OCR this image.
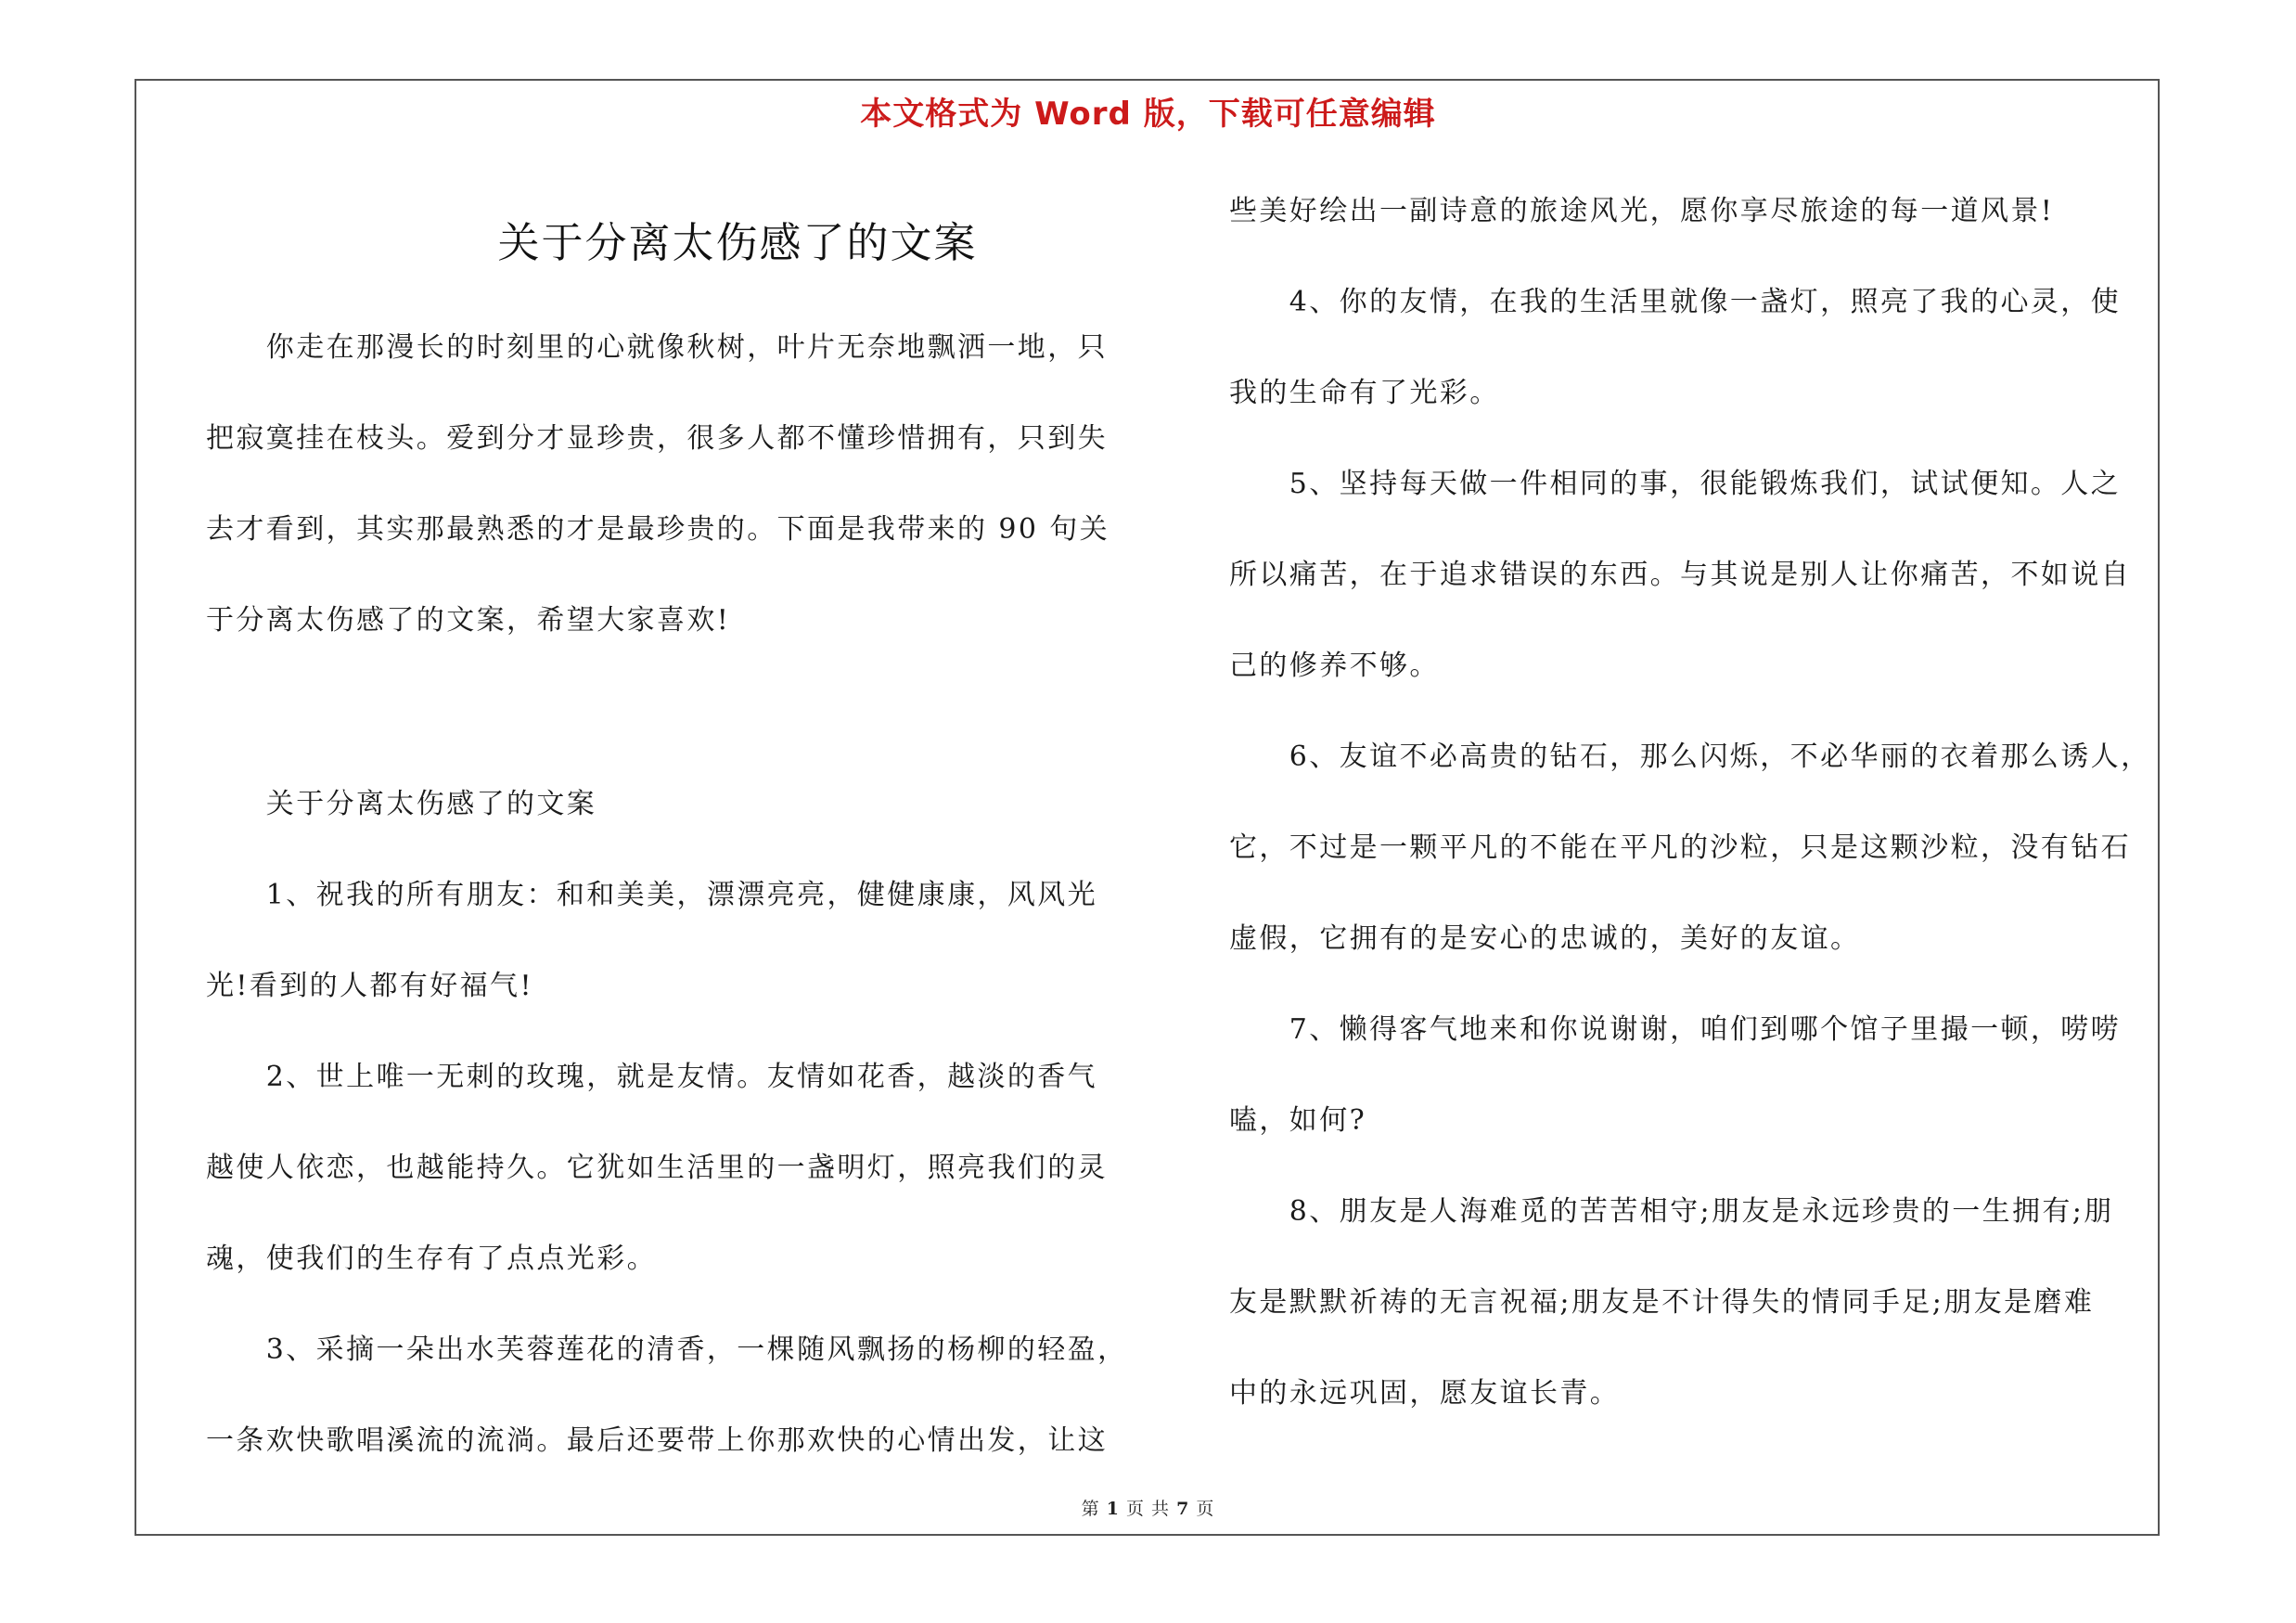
本文格式为 Word 版，下载可任意编辑
关于分离太伤感了的文案
　　你走在那漫长的时刻里的心就像秋树，叶片无奈地飘洒一地，只
把寂寞挂在枝头。爱到分才显珍贵，很多人都不懂珍惜拥有，只到失
去才看到，其实那最熟悉的才是最珍贵的。下面是我带来的 90 句关
于分离太伤感了的文案，希望大家喜欢!
　　关于分离太伤感了的文案
　　1、祝我的所有朋友：和和美美，漂漂亮亮，健健康康，风风光
光!看到的人都有好福气!
　　2、世上唯一无刺的玫瑰，就是友情。友情如花香，越淡的香气
越使人依恋，也越能持久。它犹如生活里的一盏明灯，照亮我们的灵
魂，使我们的生存有了点点光彩。
　　3、采摘一朵出水芙蓉莲花的清香，一棵随风飘扬的杨柳的轻盈，
一条欢快歌唱溪流的流淌。最后还要带上你那欢快的心情出发，让这
些美好绘出一副诗意的旅途风光，愿你享尽旅途的每一道风景!
　　4、你的友情，在我的生活里就像一盏灯，照亮了我的心灵，使
我的生命有了光彩。
　　5、坚持每天做一件相同的事，很能锻炼我们，试试便知。人之
所以痛苦，在于追求错误的东西。与其说是别人让你痛苦，不如说自
己的修养不够。
　　6、友谊不必高贵的钻石，那么闪烁，不必华丽的衣着那么诱人，
它，不过是一颗平凡的不能在平凡的沙粒，只是这颗沙粒，没有钻石
虚假，它拥有的是安心的忠诚的，美好的友谊。
　　7、懒得客气地来和你说谢谢，咱们到哪个馆子里撮一顿，唠唠
嗑，如何?
　　8、朋友是人海难觅的苦苦相守;朋友是永远珍贵的一生拥有;朋
友是默默祈祷的无言祝福;朋友是不计得失的情同手足;朋友是磨难
中的永远巩固，愿友谊长青。
第 1 页 共 7 页
